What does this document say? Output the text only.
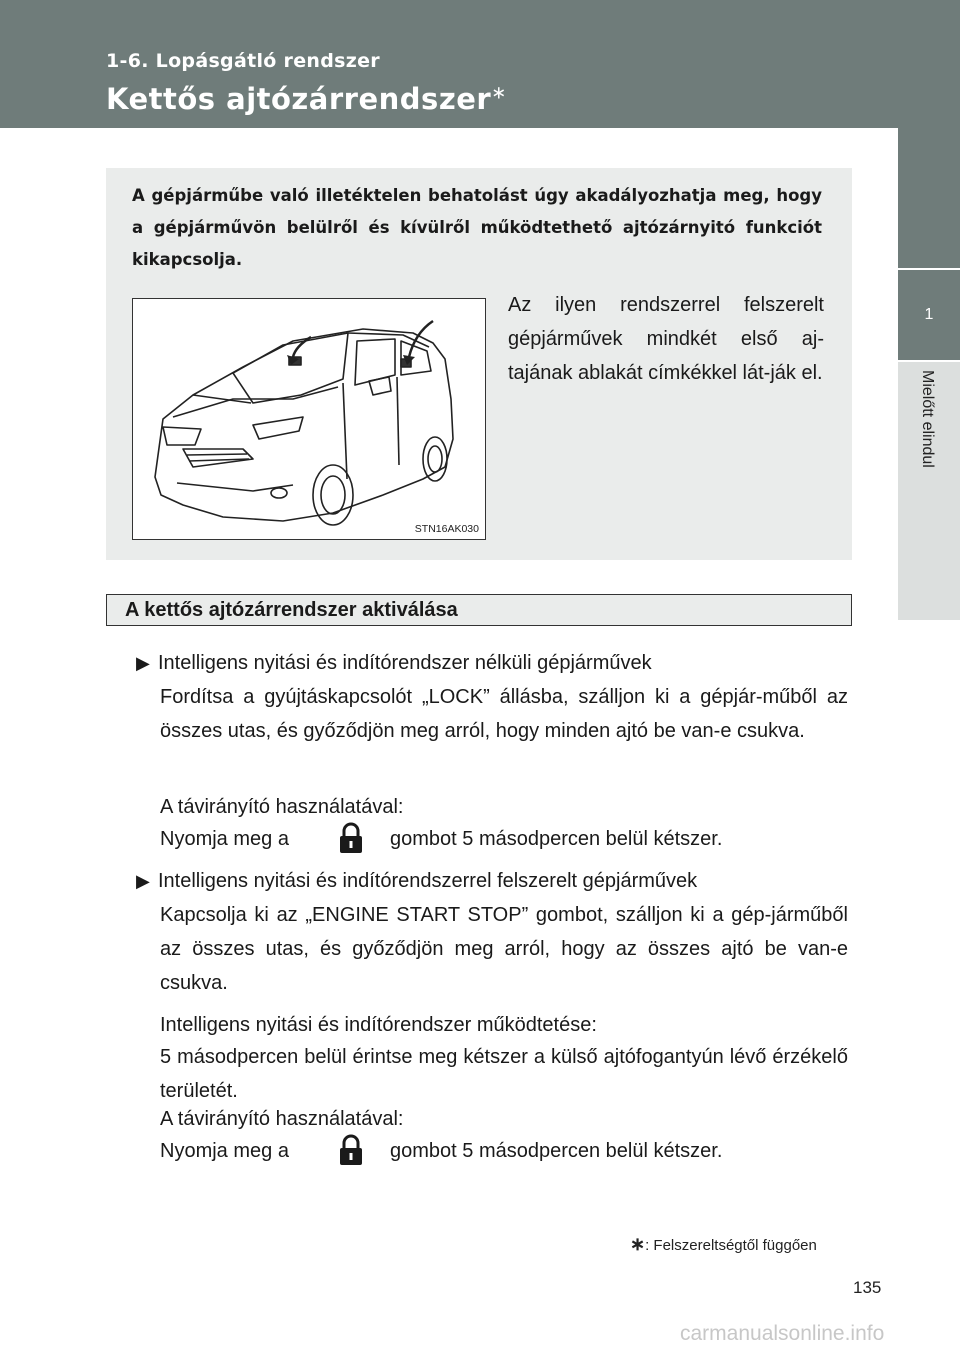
1-6. Lopásgátló rendszer
Kettős ajtózárrendszer∗
1
Mielőtt elindul
A gépjárműbe való illetéktelen behatolást úgy akadályozhatja meg, hogy a gépjárművön belülről és kívülről működtethető ajtózárnyitó funkciót kikapcsolja.
STN16AK030
Az ilyen rendszerrel felszerelt gépjárművek mindkét első aj-tajának ablakát címkékkel lát-ják el.
A kettős ajtózárrendszer aktiválása
▶ Intelligens nyitási és indítórendszer nélküli gépjárművek
Fordítsa a gyújtáskapcsolót „LOCK” állásba, szálljon ki a gépjár-műből az összes utas, és győződjön meg arról, hogy minden ajtó be van-e csukva.
A távirányító használatával:
Nyomja meg a	gombot 5 másodpercen belül kétszer.
▶ Intelligens nyitási és indítórendszerrel felszerelt gépjárművek
Kapcsolja ki az „ENGINE START STOP” gombot, szálljon ki a gép-járműből az összes utas, és győződjön meg arról, hogy az összes ajtó be van-e csukva.
Intelligens nyitási és indítórendszer működtetése:
5 másodpercen belül érintse meg kétszer a külső ajtófogantyún lévő érzékelő területét.
A távirányító használatával:
Nyomja meg a	gombot 5 másodpercen belül kétszer.
∗: Felszereltségtől függően
135
carmanualsonline.info
